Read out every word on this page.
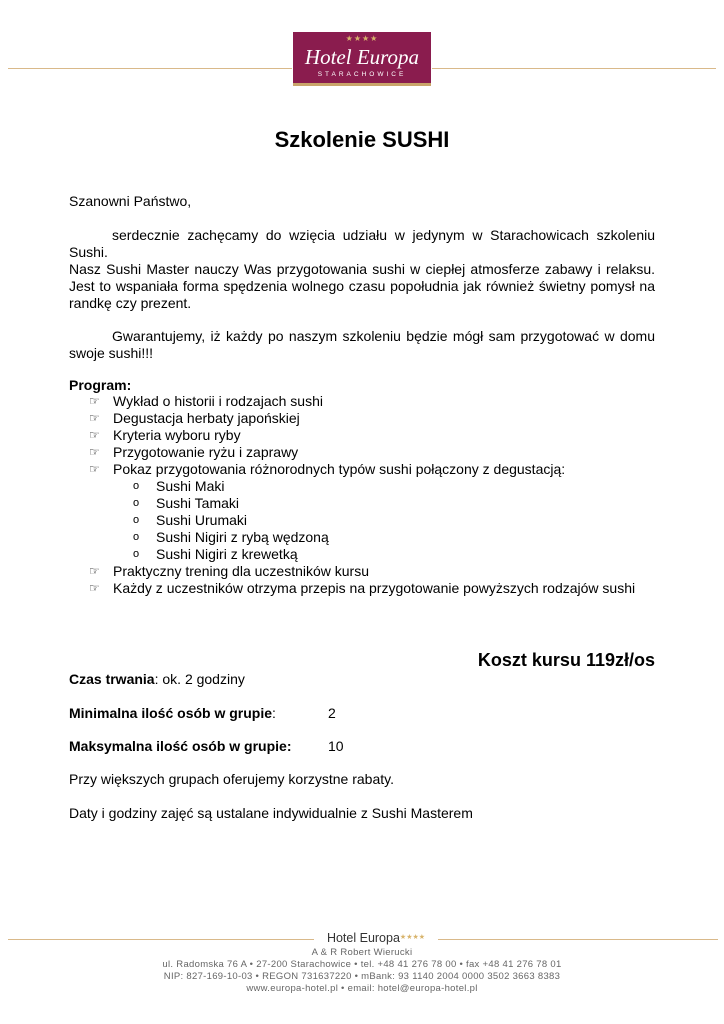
★★★★
Hotel Europa
STARACHOWICE
Szkolenie SUSHI
Szanowni Państwo,
serdecznie zachęcamy do wzięcia udziału w jedynym w Starachowicach szkoleniu Sushi.
Nasz Sushi Master nauczy Was przygotowania sushi w ciepłej atmosferze zabawy i relaksu. Jest to wspaniała forma spędzenia wolnego czasu popołudnia jak również świetny pomysł na randkę czy prezent.
Gwarantujemy, iż każdy po naszym szkoleniu będzie mógł sam przygotować w domu swoje sushi!!!
Program:
☞ Wykład o historii i rodzajach sushi
☞ Degustacja herbaty japońskiej
☞ Kryteria wyboru ryby
☞ Przygotowanie ryżu i zaprawy
☞ Pokaz przygotowania różnorodnych typów sushi połączony z degustacją:
o Sushi Maki
o Sushi Tamaki
o Sushi Urumaki
o Sushi Nigiri z rybą wędzoną
o Sushi Nigiri z krewetką
☞ Praktyczny trening dla uczestników kursu
☞ Każdy z uczestników otrzyma przepis na przygotowanie powyższych rodzajów sushi
Koszt kursu 119zł/os
Czas trwania: ok. 2 godziny
Minimalna ilość osób w grupie:	2
Maksymalna ilość osób w grupie:	10
Przy większych grupach oferujemy korzystne rabaty.
Daty i godziny zajęć są ustalane indywidualnie z Sushi Masterem
Hotel Europa★★★★
A & R Robert Wierucki
ul. Radomska 76 A • 27-200 Starachowice • tel. +48 41 276 78 00 • fax +48 41 276 78 01
NIP: 827-169-10-03 • REGON 731637220 • mBank: 93 1140 2004 0000 3502 3663 8383
www.europa-hotel.pl • email: hotel@europa-hotel.pl
